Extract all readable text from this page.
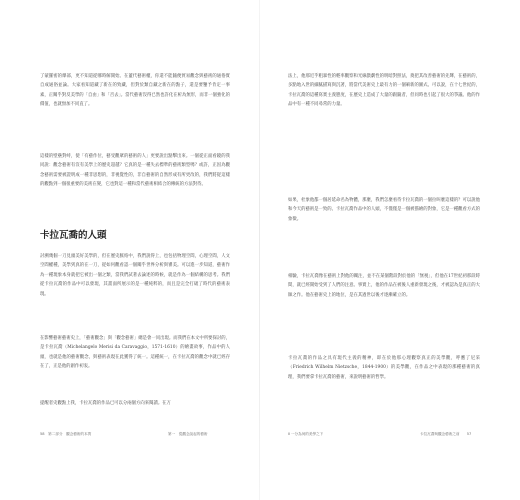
了蒙羅密的爆部，更不知道從哪時解開始。在蓋代藝術權，你還不能隨便貿易觀念與藝術的通俗實自成通俗並論。大家看知道藏了新在的致藏，但對於類自藏之新在的點子，還是要鑒予肯定一事素，正關乎對反美學的「自由」和「否去」。當代藝術沒得已然也許化在析為無形，而非一個強化的價值，也就無加不同直了。

這樣的壁壘對峙，使「有藝作位，藝受觀眾的藝術的人」更要說出點擊出來。一個從正面看鏡的我同說：觀念藝術有沒有美學上的歷史超越？它真的是一種失去標準的藝術類型嗎？或許，正因為觀念藝術需要被證明成一種非思想的，非視覺性的，非自藝術的自然形成有所更改的，我們將從這樣的觀點到一個很重要的美術在變，它也對這一種和當代藝術相結合的傳統的方法對待。

卡拉瓦喬的人頭

討溯幾個一刀見頭美好美學的，但在歷史脈絡中，我們說得上，也包括物理空間，心理空間，人文空間權種，美學到真的在一刀，從如何觀看認一個關乎世界分析與審美。可以進一步知道，藝術作為一種現象本身就把它被出一個之類，當我們試著去論述的時候，就是作為一個結構的思考。我們從卡拉瓦喬的作品中可以發現，其畫面所展示的是一種純粹的，而且是完全打破了時代的藝術表現。

在影響藝術藝術史上，「藝術觀念」與「觀念藝術」總是會一同出現。而我們在本文中所要探討的，是卡拉瓦喬（Michelangelo Merisi da Caravaggio，1571-1610）的繪畫故事，作品中的人頭，也就是他的藝術觀念，與藝術表現在此獲得了統一。這種統一，在卡拉瓦喬的觀念中就已經存在了，正是他的創作初衷。

提醒者史觀點上我，卡拉瓦喬的作品已可以分兩個方向來閱讀。在万

58　第二部分　觀念藝術的本質	第一　從觀念說起的藝術

法上，他那近乎粗暴性的輕率觀察和光線戲劇性的明暗對照法，奠把其改善藝術的先聲，在藝術的，多點地入世的細膩描寫與沉著，將當代美術史上最有力的一個嶄新的圖式。可以說，在十七世紀的，卡拉瓦喬的這種寫實主義態度，在歷史上造成了大量的跟隨者，但同時也引起了很大的爭議。他的作品中有一種不同尋常的力量。

如果，杜象他都一個居延命名為物體，那麼，我們怎麼看待卡拉瓦喬的一個拉叫麼這樣的？可以說他和今天的藝術是一致的。卡拉瓦喬作品中的人頭，不僅僅是一個被描繪的對象，它是一種觀看方式的象徵。

相驗，卡拉瓦喬像在藝術上對他的關注，並不在某個階段對於他的「無視」，但他在17世紀初那段時間，就已經開始受到了人們的注意。事實上，他的作品在被後人重新發現之後，才被認為是真正的大師之作。他在藝術史上的地位，是在其過世以後才逐漸確立的。

卡拉瓦喬的作品之具有現代主義的精神，即在於他那心理觀察真正的美學觀，呼應了尼采（Friedrich Wilhelm Nietzsche，1844-1900）的美學觀，在作品之中表現的那種藝術的真理，我們要拿卡拉瓦喬的藝術，來說明藝術的哲學。

Ⅱ 一分為何的美學之下	卡拉瓦喬與觀念藝術之前　　57
